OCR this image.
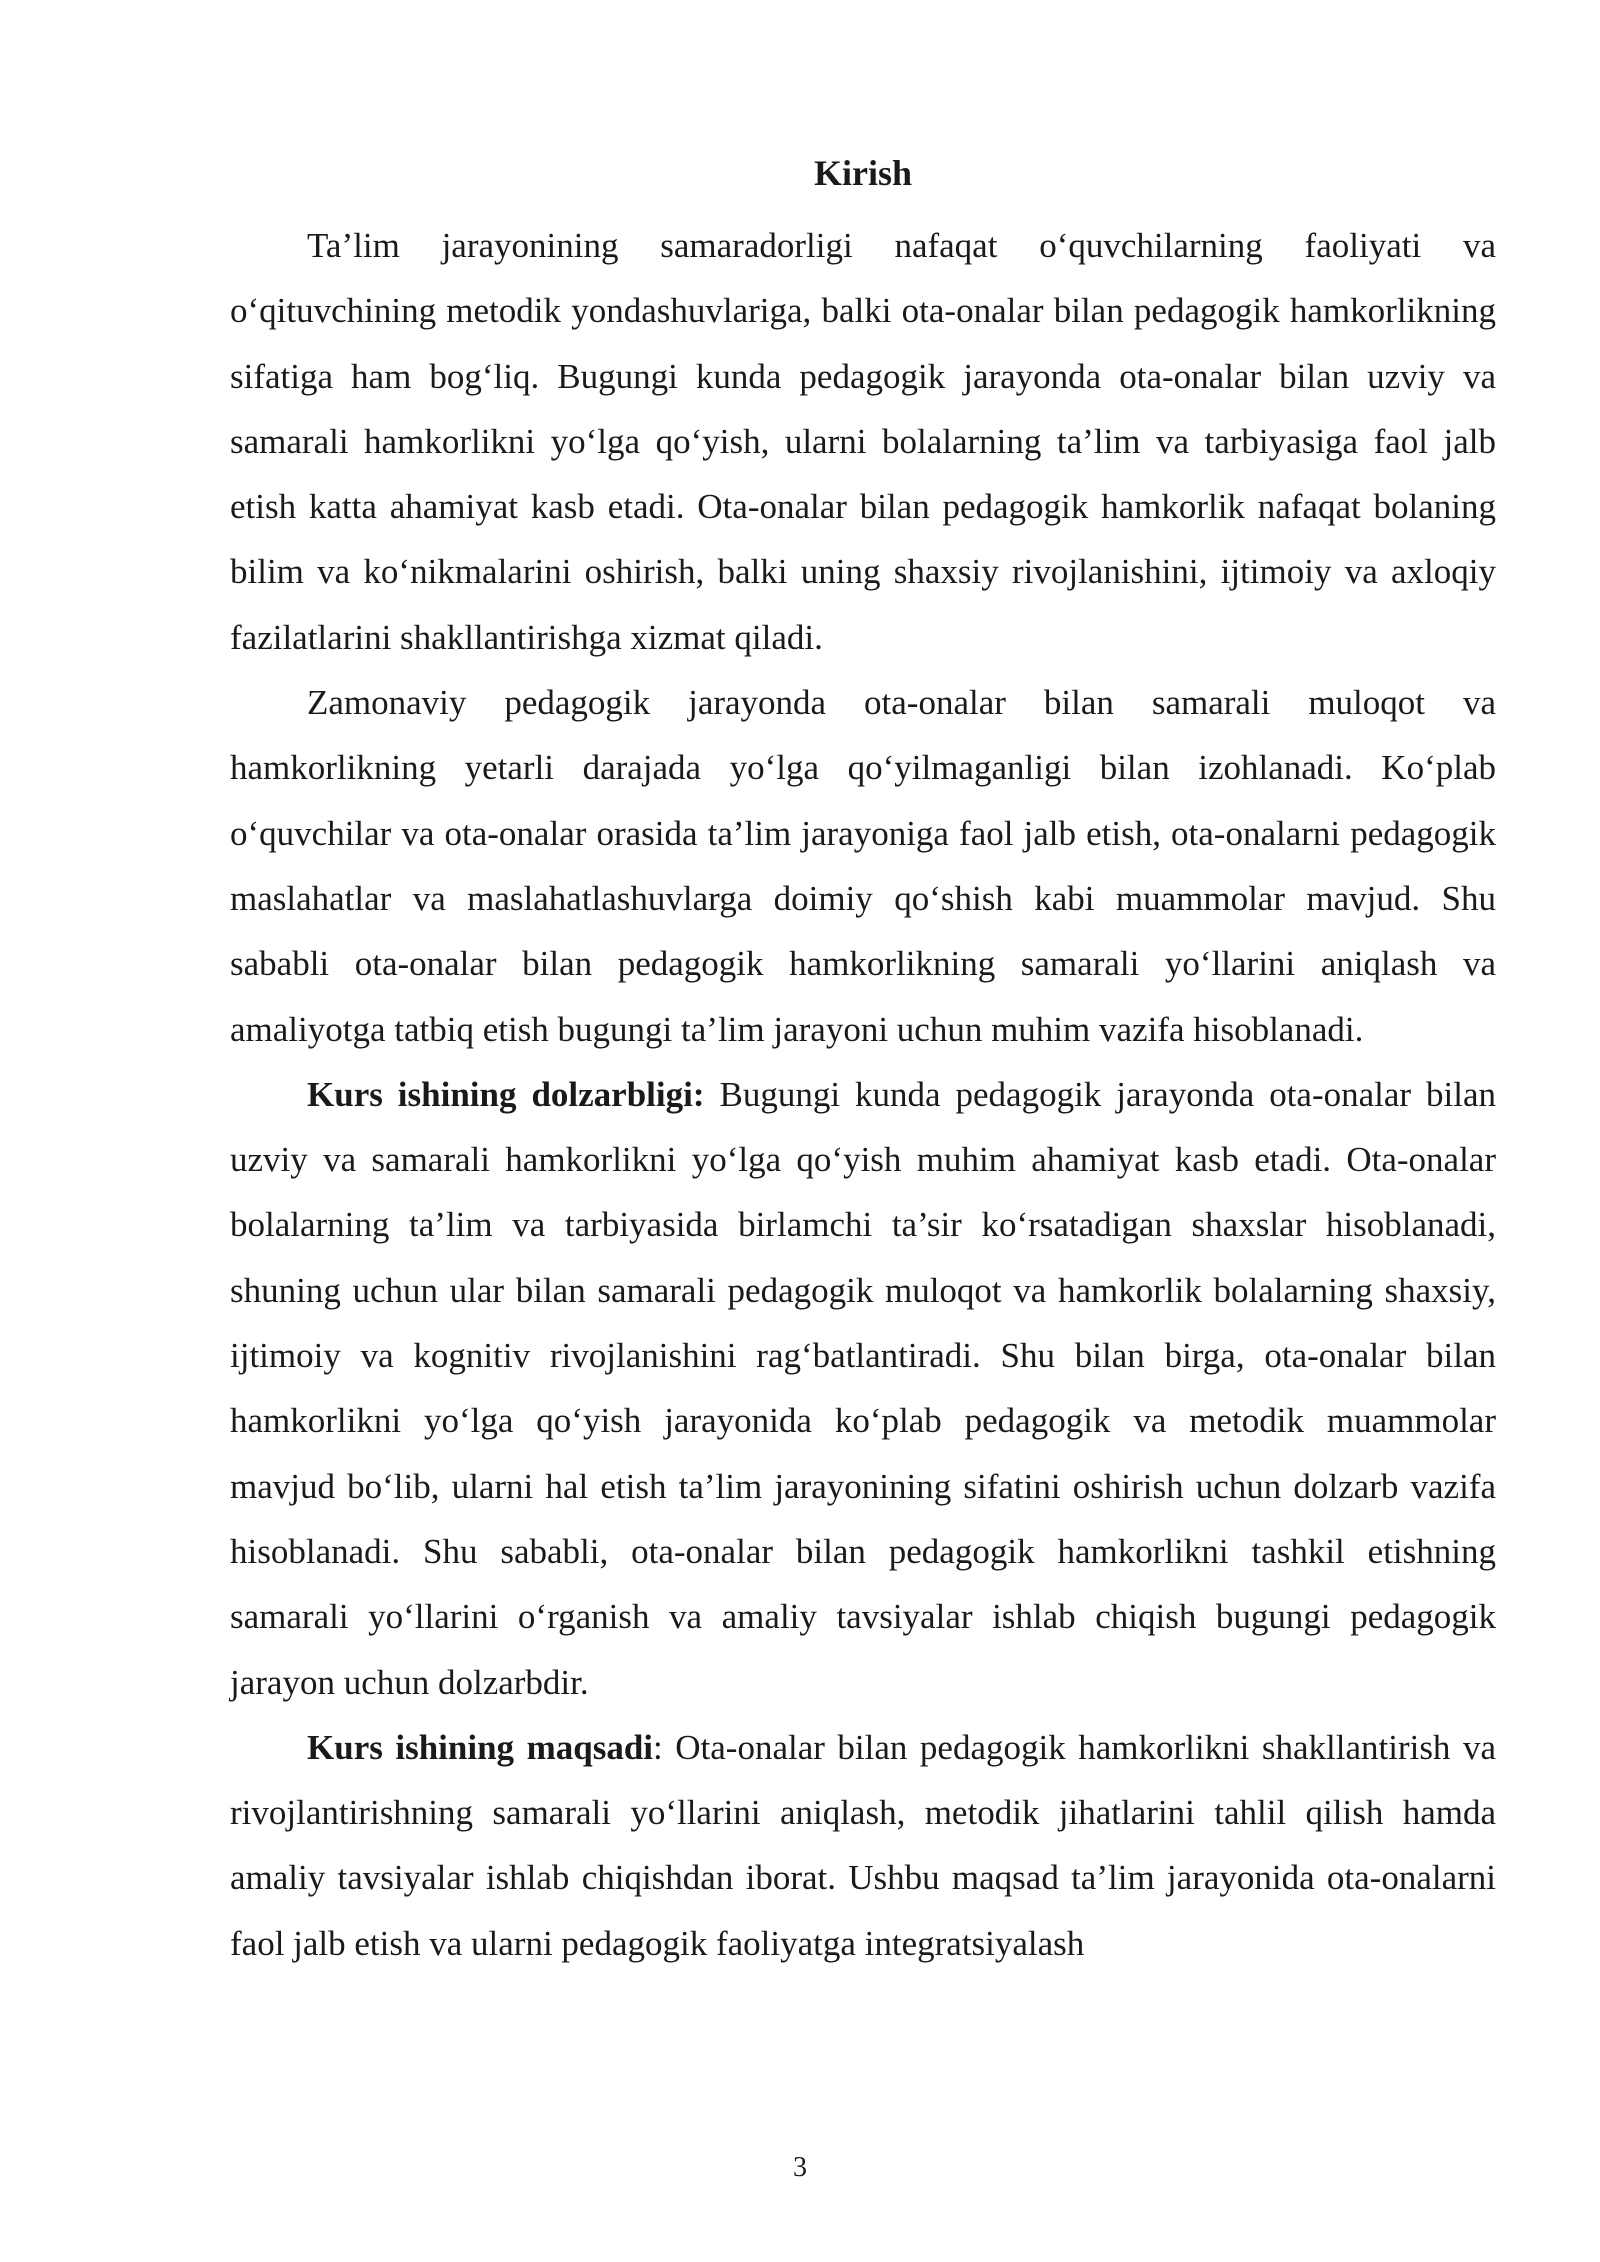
Kirish

Ta’lim jarayonining samaradorligi nafaqat o‘quvchilarning faoliyati va o‘qituvchining metodik yondashuvlariga, balki ota-onalar bilan pedagogik hamkorlikning sifatiga ham bog‘liq. Bugungi kunda pedagogik jarayonda ota-onalar bilan uzviy va samarali hamkorlikni yo‘lga qo‘yish, ularni bolalarning ta’lim va tarbiyasiga faol jalb etish katta ahamiyat kasb etadi. Ota-onalar bilan pedagogik hamkorlik nafaqat bolaning bilim va ko‘nikmalarini oshirish, balki uning shaxsiy rivojlanishini, ijtimoiy va axloqiy fazilatlarini shakllantirishga xizmat qiladi.

Zamonaviy pedagogik jarayonda ota-onalar bilan samarali muloqot va hamkorlikning yetarli darajada yo‘lga qo‘yilmaganligi bilan izohlanadi. Ko‘plab o‘quvchilar va ota-onalar orasida ta’lim jarayoniga faol jalb etish, ota-onalarni pedagogik maslahatlar va maslahatlashuvlarga doimiy qo‘shish kabi muammolar mavjud. Shu sababli ota-onalar bilan pedagogik hamkorlikning samarali yo‘llarini aniqlash va amaliyotga tatbiq etish bugungi ta’lim jarayoni uchun muhim vazifa hisoblanadi.

Kurs ishining dolzarbligi: Bugungi kunda pedagogik jarayonda ota-onalar bilan uzviy va samarali hamkorlikni yo‘lga qo‘yish muhim ahamiyat kasb etadi. Ota-onalar bolalarning ta’lim va tarbiyasida birlamchi ta’sir ko‘rsatadigan shaxslar hisoblanadi, shuning uchun ular bilan samarali pedagogik muloqot va hamkorlik bolalarning shaxsiy, ijtimoiy va kognitiv rivojlanishini rag‘batlantiradi. Shu bilan birga, ota-onalar bilan hamkorlikni yo‘lga qo‘yish jarayonida ko‘plab pedagogik va metodik muammolar mavjud bo‘lib, ularni hal etish ta’lim jarayonining sifatini oshirish uchun dolzarb vazifa hisoblanadi. Shu sababli, ota-onalar bilan pedagogik hamkorlikni tashkil etishning samarali yo‘llarini o‘rganish va amaliy tavsiyalar ishlab chiqish bugungi pedagogik jarayon uchun dolzarbdir.

Kurs ishining maqsadi: Ota-onalar bilan pedagogik hamkorlikni shakllantirish va rivojlantirishning samarali yo‘llarini aniqlash, metodik jihatlarini tahlil qilish hamda amaliy tavsiyalar ishlab chiqishdan iborat. Ushbu maqsad ta’lim jarayonida ota-onalarni faol jalb etish va ularni pedagogik faoliyatga integratsiyalash

3
